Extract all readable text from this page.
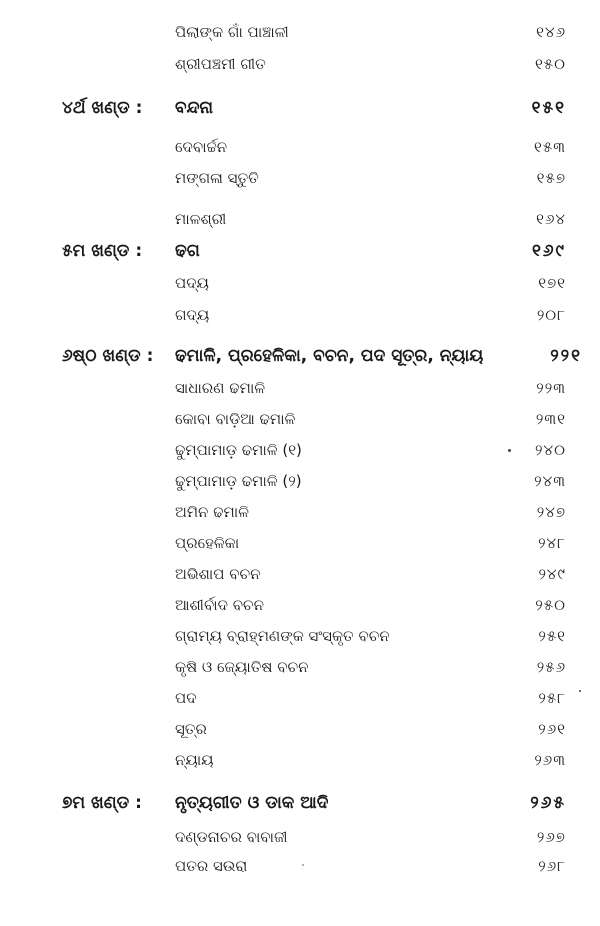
ପିଲାଙ୍କ ଗାଁ ପାଞ୍ଚାଳୀ	୧୪୬
ଶ୍ରୀପଞ୍ଚମୀ ଗୀତ	୧୫୦
୪ର୍ଥ ଖଣ୍ଡ : ବନ୍ଦନା	୧୫୧
ଦେବାର୍ଚ୍ଚନ	୧୫୩
ମଙ୍ଗଳା ସ୍ତୁତି	୧୫୭
ମାଳଶ୍ରୀ	୧୬୪
୫ମ ଖଣ୍ଡ : ଢଗ	୧୬୯
ପଦ୍ୟ	୧୭୧
ଗଦ୍ୟ	୨୦୮
୬ଷ୍ଠ ଖଣ୍ଡ : ଢମାଳି, ପ୍ରହେଳିକା, ବଚନ, ପଦ ସୂତ୍ର, ନ୍ୟାୟ	୨୨୧
ସାଧାରଣ ଢମାଳି	୨୨୩
କୋବା ବାଡ଼ିଆ ଢମାଳି	୨୩୧
ଢୁମ୍ପାମାଡ଼ ଢମାଳି (୧)	୨୪୦
ଢୁମ୍ପାମାଡ଼ ଢମାଳି (୨)	୨୪୩
ଅମିନ ଢମାଳି	୨୪୭
ପ୍ରହେଳିକା	୨୪୮
ଅଭିଶାପ ବଚନ	୨୪୯
ଆଶୀର୍ବାଦ ବଚନ	୨୫୦
ଗ୍ରାମ୍ୟ ବ୍ରାହ୍ମଣଙ୍କ ସଂସ୍କୃତ ବଚନ	୨୫୧
କୃଷି ଓ ଜ୍ୟୋତିଷ ବଚନ	୨୫୬
ପଦ	୨୫୮
ସୂତ୍ର	୨୬୧
ନ୍ୟାୟ	୨୬୩
୭ମ ଖଣ୍ଡ : ନୃତ୍ୟଗୀତ ଓ ଡାକ ଆଦି	୨୬୫
ଦଣ୍ଡନାଚର ବାବାଜୀ	୨୬୭
ପତର ସଉରା	୨୬୮
